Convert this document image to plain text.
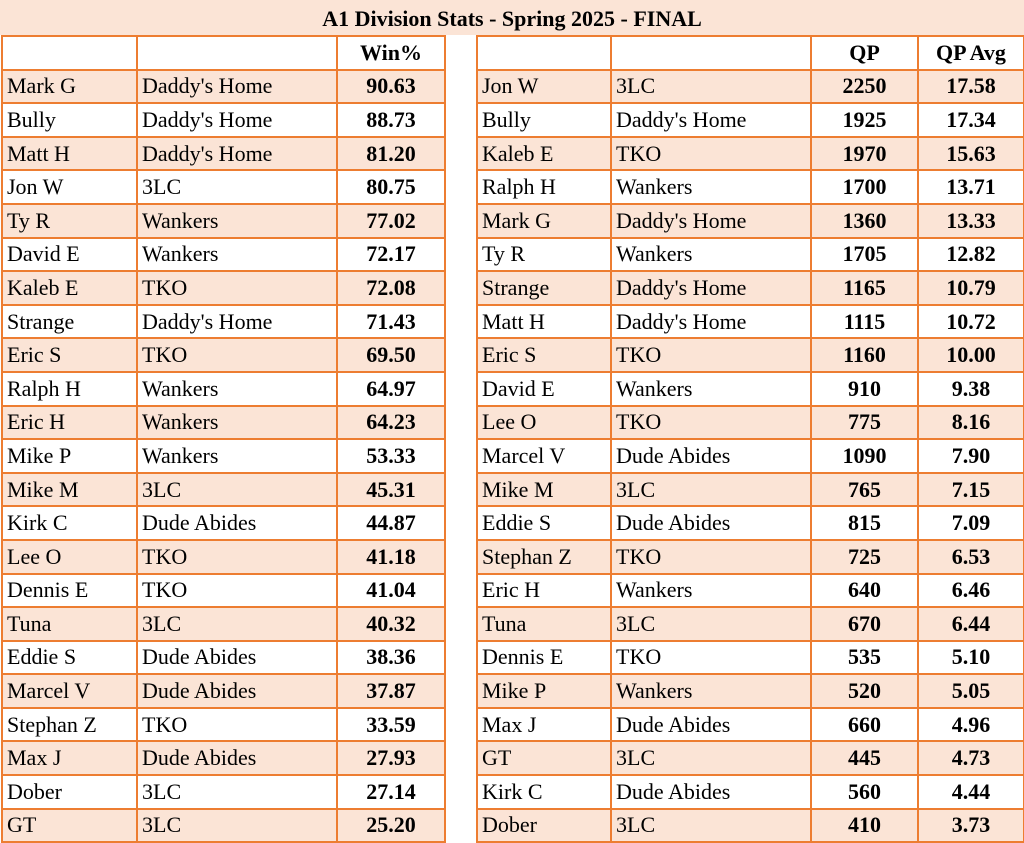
A1 Division Stats - Spring 2025 - FINAL
		Win%
Mark G	Daddy's Home	90.63
Bully	Daddy's Home	88.73
Matt H	Daddy's Home	81.20
Jon W	3LC	80.75
Ty R	Wankers	77.02
David E	Wankers	72.17
Kaleb E	TKO	72.08
Strange	Daddy's Home	71.43
Eric S	TKO	69.50
Ralph H	Wankers	64.97
Eric H	Wankers	64.23
Mike P	Wankers	53.33
Mike M	3LC	45.31
Kirk C	Dude Abides	44.87
Lee O	TKO	41.18
Dennis E	TKO	41.04
Tuna	3LC	40.32
Eddie S	Dude Abides	38.36
Marcel V	Dude Abides	37.87
Stephan Z	TKO	33.59
Max J	Dude Abides	27.93
Dober	3LC	27.14
GT	3LC	25.20
		QP	QP Avg
Jon W	3LC	2250	17.58
Bully	Daddy's Home	1925	17.34
Kaleb E	TKO	1970	15.63
Ralph H	Wankers	1700	13.71
Mark G	Daddy's Home	1360	13.33
Ty R	Wankers	1705	12.82
Strange	Daddy's Home	1165	10.79
Matt H	Daddy's Home	1115	10.72
Eric S	TKO	1160	10.00
David E	Wankers	910	9.38
Lee O	TKO	775	8.16
Marcel V	Dude Abides	1090	7.90
Mike M	3LC	765	7.15
Eddie S	Dude Abides	815	7.09
Stephan Z	TKO	725	6.53
Eric H	Wankers	640	6.46
Tuna	3LC	670	6.44
Dennis E	TKO	535	5.10
Mike P	Wankers	520	5.05
Max J	Dude Abides	660	4.96
GT	3LC	445	4.73
Kirk C	Dude Abides	560	4.44
Dober	3LC	410	3.73
